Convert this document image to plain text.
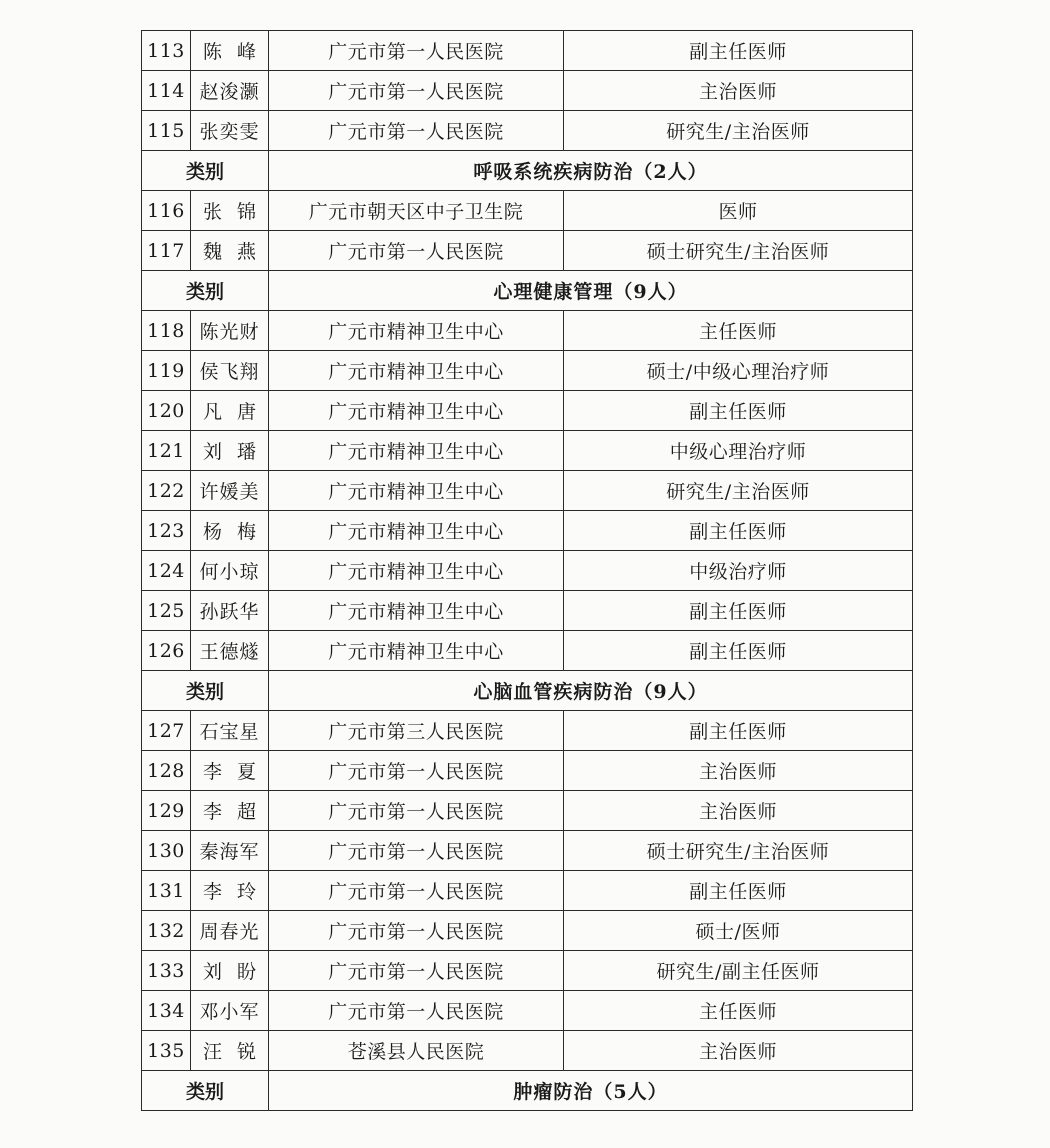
113	陈峰	广元市第一人民医院	副主任医师
114	赵浚灏	广元市第一人民医院	主治医师
115	张奕雯	广元市第一人民医院	研究生/主治医师
类别		呼吸系统疾病防治（2人）	
116	张锦	广元市朝天区中子卫生院	医师
117	魏燕	广元市第一人民医院	硕士研究生/主治医师
类别		心理健康管理（9人）	
118	陈光财	广元市精神卫生中心	主任医师
119	侯飞翔	广元市精神卫生中心	硕士/中级心理治疗师
120	凡唐	广元市精神卫生中心	副主任医师
121	刘璠	广元市精神卫生中心	中级心理治疗师
122	许媛美	广元市精神卫生中心	研究生/主治医师
123	杨梅	广元市精神卫生中心	副主任医师
124	何小琼	广元市精神卫生中心	中级治疗师
125	孙跃华	广元市精神卫生中心	副主任医师
126	王德燧	广元市精神卫生中心	副主任医师
类别		心脑血管疾病防治（9人）	
127	石宝星	广元市第三人民医院	副主任医师
128	李夏	广元市第一人民医院	主治医师
129	李超	广元市第一人民医院	主治医师
130	秦海军	广元市第一人民医院	硕士研究生/主治医师
131	李玲	广元市第一人民医院	副主任医师
132	周春光	广元市第一人民医院	硕士/医师
133	刘盼	广元市第一人民医院	研究生/副主任医师
134	邓小军	广元市第一人民医院	主任医师
135	汪锐	苍溪县人民医院	主治医师
类别		肿瘤防治（5人）	
